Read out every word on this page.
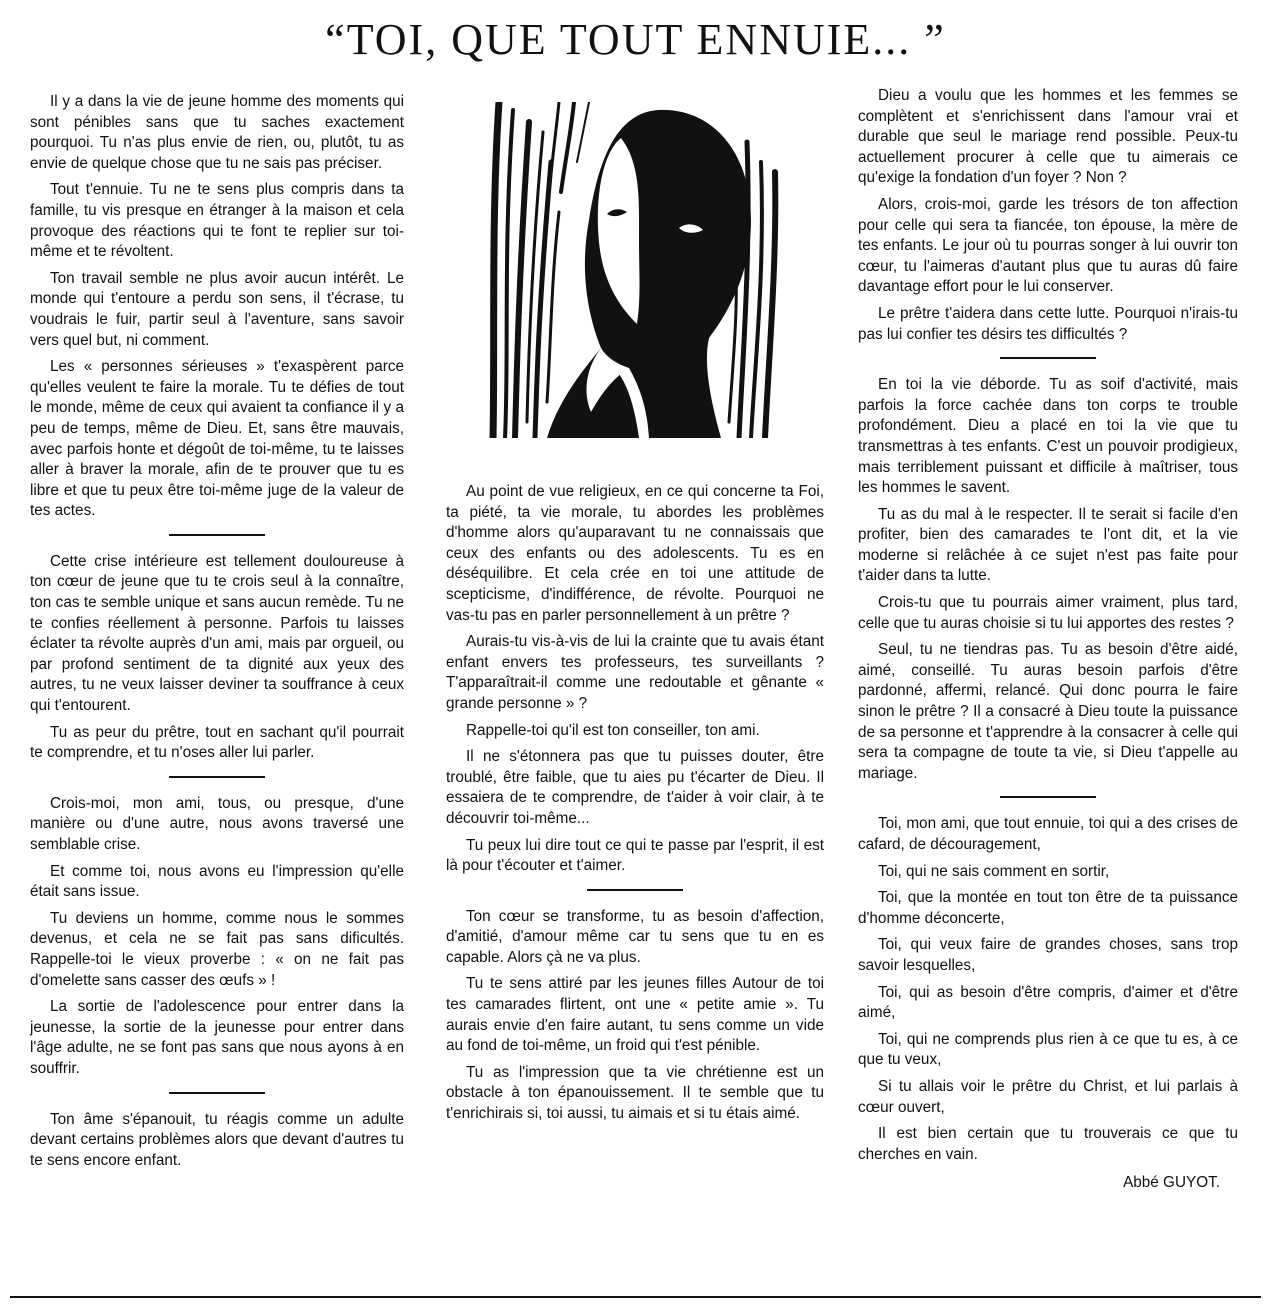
“TOI, QUE TOUT ENNUIE... ”

Il y a dans la vie de jeune homme des moments qui sont pénibles sans que tu saches exactement pourquoi. Tu n'as plus envie de rien, ou, plutôt, tu as envie de quelque chose que tu ne sais pas préciser.

Tout t'ennuie. Tu ne te sens plus compris dans ta famille, tu vis presque en étranger à la maison et cela provoque des réactions qui te font te replier sur toi-même et te révoltent.

Ton travail semble ne plus avoir aucun intérêt. Le monde qui t'entoure a perdu son sens, il t'écrase, tu voudrais le fuir, partir seul à l'aventure, sans savoir vers quel but, ni comment.

Les « personnes sérieuses » t'exaspèrent parce qu'elles veulent te faire la morale. Tu te défies de tout le monde, même de ceux qui avaient ta confiance il y a peu de temps, même de Dieu. Et, sans être mauvais, avec parfois honte et dégoût de toi-même, tu te laisses aller à braver la morale, afin de te prouver que tu es libre et que tu peux être toi-même juge de la valeur de tes actes.

Cette crise intérieure est tellement douloureuse à ton cœur de jeune que tu te crois seul à la connaître, ton cas te semble unique et sans aucun remède. Tu ne te confies réellement à personne. Parfois tu laisses éclater ta révolte auprès d'un ami, mais par orgueil, ou par profond sentiment de ta dignité aux yeux des autres, tu ne veux laisser deviner ta souffrance à ceux qui t'entourent.

Tu as peur du prêtre, tout en sachant qu'il pourrait te comprendre, et tu n'oses aller lui parler.

Crois-moi, mon ami, tous, ou presque, d'une manière ou d'une autre, nous avons traversé une semblable crise.

Et comme toi, nous avons eu l'impression qu'elle était sans issue.

Tu deviens un homme, comme nous le sommes devenus, et cela ne se fait pas sans dificultés. Rappelle-toi le vieux proverbe : « on ne fait pas d'omelette sans casser des œufs » !

La sortie de l'adolescence pour entrer dans la jeunesse, la sortie de la jeunesse pour entrer dans l'âge adulte, ne se font pas sans que nous ayons à en souffrir.

Ton âme s'épanouit, tu réagis comme un adulte devant certains problèmes alors que devant d'autres tu te sens encore enfant.

Au point de vue religieux, en ce qui concerne ta Foi, ta piété, ta vie morale, tu abordes les problèmes d'homme alors qu'auparavant tu ne connaissais que ceux des enfants ou des adolescents. Tu es en déséquilibre. Et cela crée en toi une attitude de scepticisme, d'indifférence, de révolte. Pourquoi ne vas-tu pas en parler personnellement à un prêtre ?

Aurais-tu vis-à-vis de lui la crainte que tu avais étant enfant envers tes professeurs, tes surveillants ? T'apparaîtrait-il comme une redoutable et gênante « grande personne » ?

Rappelle-toi qu'il est ton conseiller, ton ami.

Il ne s'étonnera pas que tu puisses douter, être troublé, être faible, que tu aies pu t'écarter de Dieu. Il essaiera de te comprendre, de t'aider à voir clair, à te découvrir toi-même...

Tu peux lui dire tout ce qui te passe par l'esprit, il est là pour t'écouter et t'aimer.

Ton cœur se transforme, tu as besoin d'affection, d'amitié, d'amour même car tu sens que tu en es capable. Alors çà ne va plus.

Tu te sens attiré par les jeunes filles Autour de toi tes camarades flirtent, ont une « petite amie ». Tu aurais envie d'en faire autant, tu sens comme un vide au fond de toi-même, un froid qui t'est pénible.

Tu as l'impression que ta vie chrétienne est un obstacle à ton épanouissement. Il te semble que tu t'enrichirais si, toi aussi, tu aimais et si tu étais aimé.

Dieu a voulu que les hommes et les femmes se complètent et s'enrichissent dans l'amour vrai et durable que seul le mariage rend possible. Peux-tu actuellement procurer à celle que tu aimerais ce qu'exige la fondation d'un foyer ? Non ?

Alors, crois-moi, garde les trésors de ton affection pour celle qui sera ta fiancée, ton épouse, la mère de tes enfants. Le jour où tu pourras songer à lui ouvrir ton cœur, tu l'aimeras d'autant plus que tu auras dû faire davantage effort pour le lui conserver.

Le prêtre t'aidera dans cette lutte. Pourquoi n'irais-tu pas lui confier tes désirs tes difficultés ?

En toi la vie déborde. Tu as soif d'activité, mais parfois la force cachée dans ton corps te trouble profondément. Dieu a placé en toi la vie que tu transmettras à tes enfants. C'est un pouvoir prodigieux, mais terriblement puissant et difficile à maîtriser, tous les hommes le savent.

Tu as du mal à le respecter. Il te serait si facile d'en profiter, bien des camarades te l'ont dit, et la vie moderne si relâchée à ce sujet n'est pas faite pour t'aider dans ta lutte.

Crois-tu que tu pourrais aimer vraiment, plus tard, celle que tu auras choisie si tu lui apportes des restes ?

Seul, tu ne tiendras pas. Tu as besoin d'être aidé, aimé, conseillé. Tu auras besoin parfois d'être pardonné, affermi, relancé. Qui donc pourra le faire sinon le prêtre ? Il a consacré à Dieu toute la puissance de sa personne et t'apprendre à la consacrer à celle qui sera ta compagne de toute ta vie, si Dieu t'appelle au mariage.

Toi, mon ami, que tout ennuie, toi qui a des crises de cafard, de découragement,

Toi, qui ne sais comment en sortir,

Toi, que la montée en tout ton être de ta puissance d'homme déconcerte,

Toi, qui veux faire de grandes choses, sans trop savoir lesquelles,

Toi, qui as besoin d'être compris, d'aimer et d'être aimé,

Toi, qui ne comprends plus rien à ce que tu es, à ce que tu veux,

Si tu allais voir le prêtre du Christ, et lui parlais à cœur ouvert,

Il est bien certain que tu trouverais ce que tu cherches en vain.

Abbé GUYOT.
